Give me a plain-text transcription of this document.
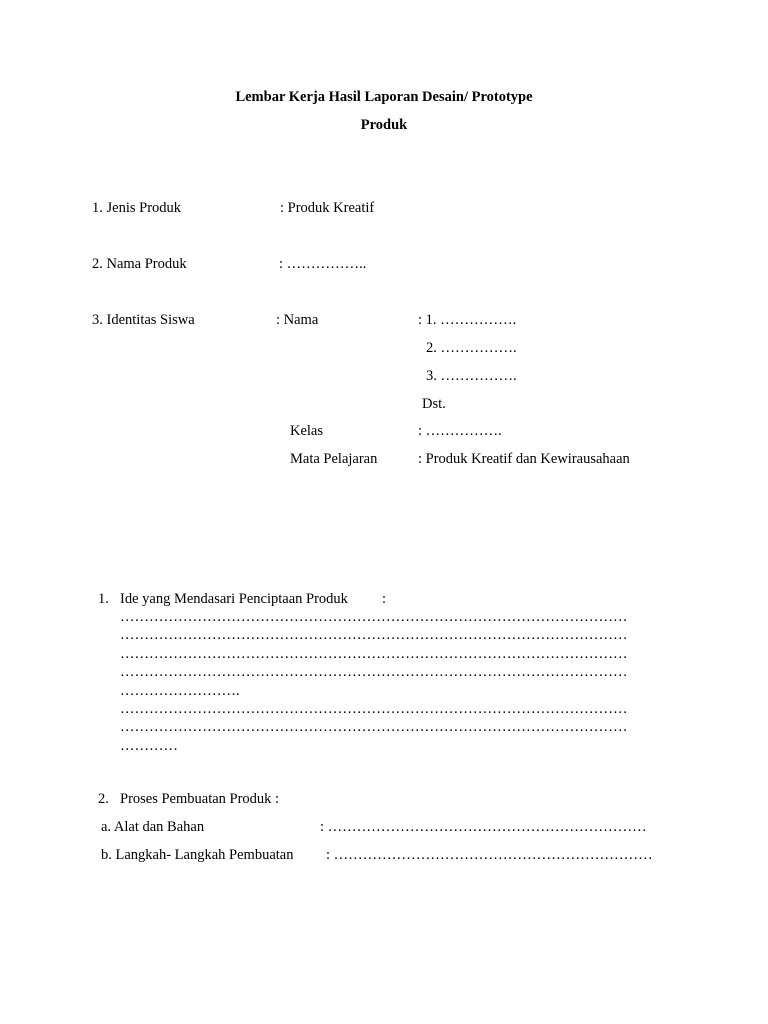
Lembar Kerja Hasil Laporan Desain/ Prototype
Produk
1. Jenis Produk	: Produk Kreatif
2. Nama Produk	: ……………..
3. Identitas Siswa	: Nama	: 1. …………….
2. …………….
3. …………….
Dst.
Kelas	: …………….
Mata Pelajaran	: Produk Kreatif dan Kewirausahaan
1. Ide yang Mendasari Penciptaan Produk :
……………………………………………………………………………………………
……………………………………………………………………………………………
……………………………………………………………………………………………
……………………………………………………………………………………………
…………………….
……………………………………………………………………………………………
……………………………………………………………………………………………
…………
2. Proses Pembuatan Produk :
a. Alat dan Bahan	: …………………………………………………………
b. Langkah- Langkah Pembuatan : …………………………………………………………
